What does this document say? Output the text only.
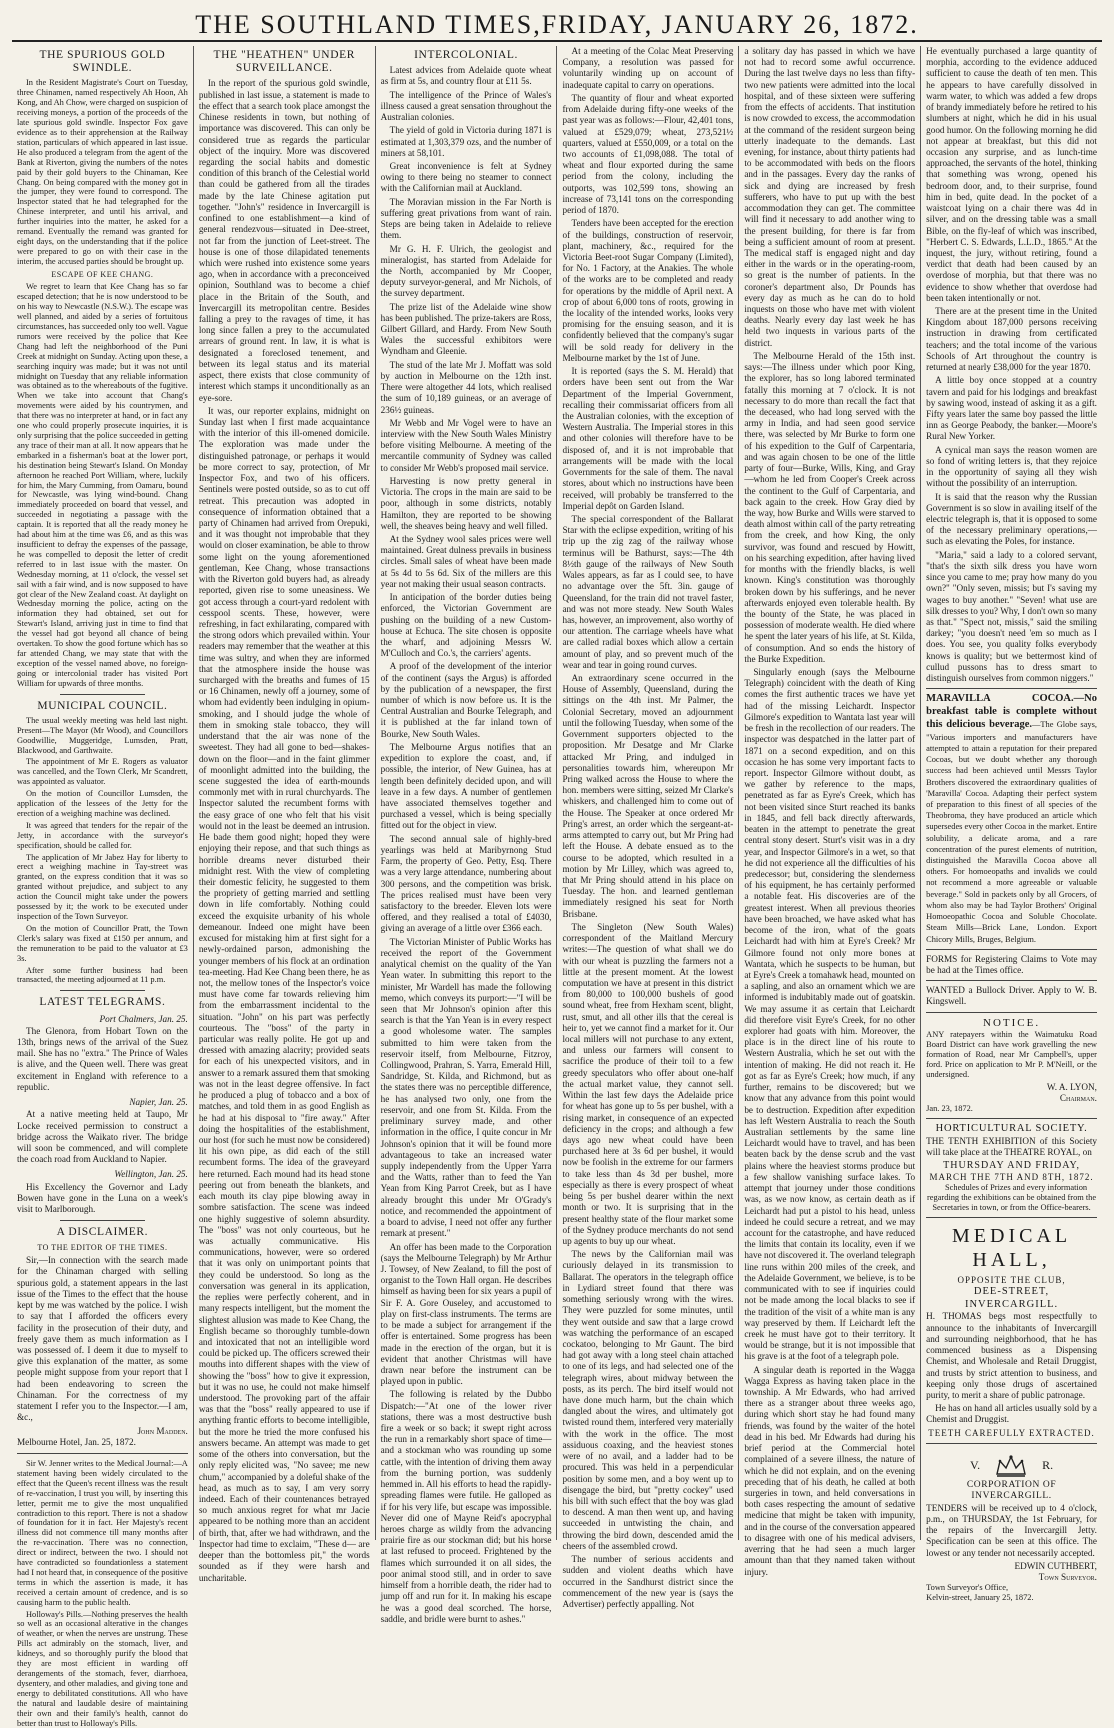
THE SOUTHLAND TIMES, FRIDAY, JANUARY 26, 1872.
THE SPURIOUS GOLD SWINDLE.

In the Resident Magistrate's Court on Tuesday, three Chinamen, named respectively Ah Hoon, Ah Kong, and Ah Chow, were charged on suspicion of receiving moneys, a portion of the proceeds of the late spurious gold swindle. Inspector Fox gave evidence as to their apprehension at the Railway station, particulars of which appeared in last issue. He also produced a telegram from the agent of the Bank at Riverton, giving the numbers of the notes paid by their gold buyers to the Chinaman, Kee Chang. On being compared with the money got in the jumper, they were found to correspond. The Inspector stated that he had telegraphed for the Chinese interpreter, and until his arrival, and further inquiries into the matter, he asked for a remand. Eventually the remand was granted for eight days, on the understanding that if the police were prepared to go on with their case in the interim, the accused parties should be brought up.

ESCAPE OF KEE CHANG.

We regret to learn that Kee Chang has so far escaped detection; that he is now understood to be on his way to Newcastle (N.S.W.). The escape was well planned, and aided by a series of fortuitous circumstances, has succeeded only too well. Vague rumors were received by the police that Kee Chang had left the neighborhood of the Puni Creek at midnight on Sunday. Acting upon these, a searching inquiry was made; but it was not until midnight on Tuesday that any reliable information was obtained as to the whereabouts of the fugitive. When we take into account that Chang's movements were aided by his countrymen, and that there was no interpreter at hand, or in fact any one who could properly prosecute inquiries, it is only surprising that the police succeeded in getting any trace of their man at all. It now appears that he embarked in a fisherman's boat at the lower port, his destination being Stewart's Island. On Monday afternoon he reached Port William, where, luckily for him, the Mary Cumming, from Oamaru, bound for Newcastle, was lying wind-bound. Chang immediately proceeded on board that vessel, and succeeded in negotiating a passage with the captain. It is reported that all the ready money he had about him at the time was £6, and as this was insufficient to defray the expenses of the passage, he was compelled to deposit the letter of credit referred to in last issue with the master. On Wednesday morning, at 11 o'clock, the vessel set sail with a fair wind, and is now supposed to have got clear of the New Zealand coast. At daylight on Wednesday morning the police, acting on the information they had obtained, set out for Stewart's Island, arriving just in time to find that the vessel had got beyond all chance of being overtaken. To show the good fortune which has so far attended Chang, we may state that with the exception of the vessel named above, no foreign-going or intercolonial trader has visited Port William for upwards of three months.

MUNICIPAL COUNCIL.

The usual weekly meeting was held last night. Present—The Mayor (Mr Wood), and Councillors Goodwillie, Muggeridge, Lumsden, Pratt, Blackwood, and Garthwaite.

The appointment of Mr E. Rogers as valuator was cancelled, and the Town Clerk, Mr Scandrett, was appointed as valuator.

On the motion of Councillor Lumsden, the application of the lessees of the Jetty for the erection of a weighing machine was declined.

It was agreed that tenders for the repair of the Jetty, in accordance with the surveyor's specification, should be called for.

The application of Mr Jabez Hay for liberty to erect a weighing machine in Tay-street was granted, on the express condition that it was so granted without prejudice, and subject to any action the Council might take under the powers possessed by it; the work to be executed under inspection of the Town Surveyor.

On the motion of Councillor Pratt, the Town Clerk's salary was fixed at £150 per annum, and the remuneration to be paid to the valuator at £3 3s.

After some further business had been transacted, the meeting adjourned at 11 p.m.

LATEST TELEGRAMS.
Port Chalmers, Jan. 25.

The Glenora, from Hobart Town on the 13th, brings news of the arrival of the Suez mail. She has no "extra." The Prince of Wales is alive, and the Queen well. There was great excitement in England with reference to a republic.

Napier, Jan. 25.

At a native meeting held at Taupo, Mr Locke received permission to construct a bridge across the Waikato river. The bridge will soon be commenced, and will complete the coach road from Auckland to Napier.

Wellington, Jan. 25.

His Excellency the Governor and Lady Bowen have gone in the Luna on a week's visit to Marlborough.

A DISCLAIMER.
TO THE EDITOR OF THE TIMES.

Sir,—In connection with the search made for the Chinaman charged with selling spurious gold, a statement appears in the last issue of the Times to the effect that the house kept by me was watched by the police. I wish to say that I afforded the officers every facility in the prosecution of their duty, and freely gave them as much information as I was possessed of. I deem it due to myself to give this explanation of the matter, as some people might suppose from your report that I had been endeavoring to screen the Chinaman. For the correctness of my statement I refer you to the Inspector.—I am, &c.,

John Madden.

Melbourne Hotel, Jan. 25, 1872.

Sir W. Jenner writes to the Medical Journal:—A statement having been widely circulated to the effect that the Queen's recent illness was the result of re-vaccination, I trust you will, by inserting this letter, permit me to give the most unqualified contradiction to this report. There is not a shadow of foundation for it in fact. Her Majesty's recent illness did not commence till many months after the re-vaccination. There was no connection, direct or indirect, between the two. I should not have contradicted so foundationless a statement had I not heard that, in consequence of the positive terms in which the assertion is made, it has received a certain amount of credence, and is so causing harm to the public health.

Holloway's Pills.—Nothing preserves the health so well as an occasional alterative in the changes of weather, or when the nerves are unstrung. These Pills act admirably on the stomach, liver, and kidneys, and so thoroughly purify the blood that they are most efficient in warding off derangements of the stomach, fever, diarrhoea, dysentery, and other maladies, and giving tone and energy to debilitated constitutions. All who have the natural and laudable desire of maintaining their own and their family's health, cannot do better than trust to Holloway's Pills.

THE "HEATHEN" UNDER SURVEILLANCE.

In the report of the spurious gold swindle, published in last issue, a statement is made to the effect that a search took place amongst the Chinese residents in town, but nothing of importance was discovered. This can only be considered true as regards the particular object of the inquiry. More was discovered regarding the social habits and domestic condition of this branch of the Celestial world than could be gathered from all the tirades made by the late Chinese agitation put together. "John's" residence in Invercargill is confined to one establishment—a kind of general rendezvous—situated in Dee-street, not far from the junction of Leet-street. The house is one of those dilapidated tenements which were rushed into existence some years ago, when in accordance with a preconceived opinion, Southland was to become a chief place in the Britain of the South, and Invercargill its metropolitan centre. Besides falling a prey to the ravages of time, it has long since fallen a prey to the accumulated arrears of ground rent. In law, it is what is designated a foreclosed tenement, and between its legal status and its material aspect, there exists that close community of interest which stamps it unconditionally as an eye-sore.

It was, our reporter explains, midnight on Sunday last when I first made acquaintance with the interior of this ill-omened domicile. The exploration was made under the distinguished patronage, or perhaps it would be more correct to say, protection, of Mr Inspector Fox, and two of his officers. Sentinels were posted outside, so as to cut off retreat. This precaution was adopted in consequence of information obtained that a party of Chinamen had arrived from Orepuki, and it was thought not improbable that they would on closer examination, be able to throw some light on the young aforementioned gentleman, Kee Chang, whose transactions with the Riverton gold buyers had, as already reported, given rise to some uneasiness. We got access through a court-yard redolent with cesspool scents. These, however, were refreshing, in fact exhilarating, compared with the strong odors which prevailed within. Your readers may remember that the weather at this time was sultry, and when they are informed that the atmosphere inside the house was surcharged with the breaths and fumes of 15 or 16 Chinamen, newly off a journey, some of whom had evidently been indulging in opium-smoking, and I should judge the whole of them in smoking stale tobacco, they will understand that the air was none of the sweetest. They had all gone to bed—shakes-down on the floor—and in the faint glimmer of moonlight admitted into the building, the scene suggested the idea of earth-mounds commonly met with in rural churchyards. The Inspector saluted the recumbent forms with the easy grace of one who felt that his visit would not in the least be deemed an intrusion. He bade them good night; hoped they were enjoying their repose, and that such things as horrible dreams never disturbed their midnight rest. With the view of completing their domestic felicity, he suggested to them the propriety of getting married and settling down in life comfortably. Nothing could exceed the exquisite urbanity of his whole demeanour. Indeed one might have been excused for mistaking him at first sight for a newly-ordained parson, admonishing the younger members of his flock at an ordination tea-meeting. Had Kee Chang been there, he as not, the mellow tones of the Inspector's voice must have come far towards relieving him from the embarrassment incidental to the situation. "John" on his part was perfectly courteous. The "boss" of the party in particular was really polite. He got up and dressed with amazing alacrity; provided seats for each of his unexpected visitors, and in answer to a remark assured them that smoking was not in the least degree offensive. In fact he produced a plug of tobacco and a box of matches, and told them in as good English as he had at his disposal to "fire away." After doing the hospitalities of the establishment, our host (for such he must now be considered) lit his own pipe, as did each of the still recumbent forms. The idea of the graveyard here returned. Each mound had its head stone peering out from beneath the blankets, and each mouth its clay pipe blowing away in sombre satisfaction. The scene was indeed one highly suggestive of solemn absurdity. The "boss" was not only courteous, but he was actually communicative. His communications, however, were so ordered that it was only on unimportant points that they could be understood. So long as the conversation was general in its application, the replies were perfectly coherent, and in many respects intelligent, but the moment the slightest allusion was made to Kee Chang, the English became so thoroughly tumble-down and intoxicated that not an intelligible word could be picked up. The officers screwed their mouths into different shapes with the view of showing the "boss" how to give it expression, but it was no use, he could not make himself understood. The provoking part of the affair was that the "boss" really appeared to use if anything frantic efforts to become intelligible, but the more he tried the more confused his answers became. An attempt was made to get some of the others into conversation, but the only reply elicited was, "No savee; me new chum," accompanied by a doleful shake of the head, as much as to say, I am very sorry indeed. Each of their countenances betrayed so much anxious regret for what mr Jacie appeared to be nothing more than an accident of birth, that, after we had withdrawn, and the Inspector had time to exclaim, "These d— are deeper than the bottomless pit," the words sounded as if they were harsh and uncharitable.

INTERCOLONIAL.

Latest advices from Adelaide quote wheat as firm at 5s, and country flour at £11 5s.

The intelligence of the Prince of Wales's illness caused a great sensation throughout the Australian colonies.

The yield of gold in Victoria during 1871 is estimated at 1,303,379 ozs, and the number of miners at 58,101.

Great inconvenience is felt at Sydney owing to there being no steamer to connect with the Californian mail at Auckland.

The Moravian mission in the Far North is suffering great privations from want of rain. Steps are being taken in Adelaide to relieve them.

Mr G. H. F. Ulrich, the geologist and mineralogist, has started from Adelaide for the North, accompanied by Mr Cooper, deputy surveyor-general, and Mr Nichols, of the survey department.

The prize list of the Adelaide wine show has been published. The prize-takers are Ross, Gilbert Gillard, and Hardy. From New South Wales the successful exhibitors were Wyndham and Gleenie.

The stud of the late Mr J. Moffatt was sold by auction in Melbourne on the 12th inst. There were altogether 44 lots, which realised the sum of 10,189 guineas, or an average of 236½ guineas.

Mr Webb and Mr Vogel were to have an interview with the New South Wales Ministry before visiting Melbourne. A meeting of the mercantile community of Sydney was called to consider Mr Webb's proposed mail service.

Harvesting is now pretty general in Victoria. The crops in the main are said to be poor, although in some districts, notably Hamilton, they are reported to be showing well, the sheaves being heavy and well filled.

At the Sydney wool sales prices were well maintained. Great dulness prevails in business circles. Small sales of wheat have been made at 5s 4d to 5s 6d. Six of the millers are this year not making their usual season contracts.

In anticipation of the border duties being enforced, the Victorian Government are pushing on the building of a new Custom-house at Echuca. The site chosen is opposite the wharf, and adjoining Messrs W. M'Culloch and Co.'s, the carriers' agents.

A proof of the development of the interior of the continent (says the Argus) is afforded by the publication of a newspaper, the first number of which is now before us. It is the Central Australian and Bourke Telegraph, and it is published at the far inland town of Bourke, New South Wales.

The Melbourne Argus notifies that an expedition to explore the coast, and, if possible, the interior, of New Guinea, has at length been definitely decided upon, and will leave in a few days. A number of gentlemen have associated themselves together and purchased a vessel, which is being specially fitted out for the object in view.

The second annual sale of highly-bred yearlings was held at Maribyrnong Stud Farm, the property of Geo. Petty, Esq. There was a very large attendance, numbering about 300 persons, and the competition was brisk. The prices realised must have been very satisfactory to the breeder. Eleven lots were offered, and they realised a total of £4030, giving an average of a little over £366 each.

The Victorian Minister of Public Works has received the report of the Government analytical chemist on the quality of the Yan Yean water. In submitting this report to the minister, Mr Wardell has made the following memo, which conveys its purport:—"I will be seen that Mr Johnson's opinion after this search is that the Yan Yean is in every respect a good wholesome water. The samples submitted to him were taken from the reservoir itself, from Melbourne, Fitzroy, Collingwood, Prahran, S. Yarra, Emerald Hill, Sandridge, St. Kilda, and Richmond, but as the states there was no perceptible difference, he has analysed two only, one from the reservoir, and one from St. Kilda. From the preliminary survey made, and other information in the office, I quite concur in Mr Johnson's opinion that it will be found more advantageous to take an increased water supply independently from the Upper Yarra and the Watts, rather than to feed the Yan Yean from King Parrot Creek, but as I have already brought this under Mr O'Grady's notice, and recommended the appointment of a board to advise, I need not offer any further remark at present."

An offer has been made to the Corporation (says the Melbourne Telegraph) by Mr Arthur J. Towsey, of New Zealand, to fill the post of organist to the Town Hall organ. He describes himself as having been for six years a pupil of Sir F. A. Gore Ouseley, and accustomed to play on first-class instruments. The terms are to be made a subject for arrangement if the offer is entertained. Some progress has been made in the erection of the organ, but it is evident that another Christmas will have drawn near before the instrument can be played upon in public.

The following is related by the Dubbo Dispatch:—"At one of the lower river stations, there was a most destructive bush fire a week or so back; it swept right across the run in a remarkably short space of time—and a stockman who was rounding up some cattle, with the intention of driving them away from the burning portion, was suddenly hemmed in. All his efforts to head the rapidly-spreading flames were futile. He galloped as if for his very life, but escape was impossible. Never did one of Mayne Reid's apocryphal heroes charge as wildly from the advancing prairie fire as our stockman did; but his horse at last refused to proceed. Frightened by the flames which surrounded it on all sides, the poor animal stood still, and in order to save himself from a horrible death, the rider had to jump off and run for it. In making his escape he was a good deal scorched. The horse, saddle, and bridle were burnt to ashes."

At a meeting of the Colac Meat Preserving Company, a resolution was passed for voluntarily winding up on account of inadequate capital to carry on operations.

The quantity of flour and wheat exported from Adelaide during fifty-one weeks of the past year was as follows:—Flour, 42,401 tons, valued at £529,079; wheat, 273,521½ quarters, valued at £550,009, or a total on the two accounts of £1,098,088. The total of wheat and flour exported during the same period from the colony, including the outports, was 102,599 tons, showing an increase of 73,141 tons on the corresponding period of 1870.

Tenders have been accepted for the erection of the buildings, construction of reservoir, plant, machinery, &c., required for the Victoria Beet-root Sugar Company (Limited), for No. 1 Factory, at the Anakies. The whole of the works are to be completed and ready for operations by the middle of April next. A crop of about 6,000 tons of roots, growing in the locality of the intended works, looks very promising for the ensuing season, and it is confidently believed that the company's sugar will be sold ready for delivery in the Melbourne market by the 1st of June.

It is reported (says the S. M. Herald) that orders have been sent out from the War Department of the Imperial Government, recalling their commissariat officers from all the Australian colonies, with the exception of Western Australia. The Imperial stores in this and other colonies will therefore have to be disposed of, and it is not improbable that arrangements will be made with the local Governments for the sale of them. The naval stores, about which no instructions have been received, will probably be transferred to the Imperial depôt on Garden Island.

The special correspondent of the Ballarat Star with the eclipse expedition, writing of his trip up the zig zag of the railway whose terminus will be Bathurst, says:—The 4th 8½th gauge of the railways of New South Wales appears, as far as I could see, to have no advantage over the 5ft. 3in. gauge of Queensland, for the train did not travel faster, and was not more steady. New South Wales has, however, an improvement, also worthy of our attention. The carriage wheels have what are called radial boxes which allow a certain amount of play, and so prevent much of the wear and tear in going round curves.

An extraordinary scene occurred in the House of Assembly, Queensland, during the sittings on the 4th inst. Mr Palmer, the Colonial Secretary, moved an adjournment until the following Tuesday, when some of the Government supporters objected to the proposition. Mr Desatge and Mr Clarke attacked Mr Pring, and indulged in personalities towards him, whereupon Mr Pring walked across the House to where the hon. members were sitting, seized Mr Clarke's whiskers, and challenged him to come out of the House. The Speaker at once ordered Mr Pring's arrest, an order which the sergeant-at-arms attempted to carry out, but Mr Pring had left the House. A debate ensued as to the course to be adopted, which resulted in a motion by Mr Lilley, which was agreed to, that Mr Pring should attend in his place on Tuesday. The hon. and learned gentleman immediately resigned his seat for North Brisbane.

The Singleton (New South Wales) correspondent of the Maitland Mercury writes:—The question of what shall we do with our wheat is puzzling the farmers not a little at the present moment. At the lowest computation we have at present in this district from 80,000 to 100,000 bushels of good sound wheat, free from Hexham scent, blight, rust, smut, and all other ills that the cereal is heir to, yet we cannot find a market for it. Our local millers will not purchase to any extent, and unless our farmers will consent to sacrifice the produce of their toil to a few greedy speculators who offer about one-half the actual market value, they cannot sell. Within the last few days the Adelaide price for wheat has gone up to 5s per bushel, with a rising market, in consequence of an expected deficiency in the crops; and although a few days ago new wheat could have been purchased here at 3s 6d per bushel, it would now be foolish in the extreme for our farmers to take less than 4s 3d per bushel, more especially as there is every prospect of wheat being 5s per bushel dearer within the next month or two. It is surprising that in the present healthy state of the flour market some of the Sydney produce merchants do not send up agents to buy up our wheat.

The news by the Californian mail was curiously delayed in its transmission to Ballarat. The operators in the telegraph office in Lydiard street found that there was something seriously wrong with the wires. They were puzzled for some minutes, until they went outside and saw that a large crowd was watching the performance of an escaped cockatoo, belonging to Mr Gaunt. The bird had got away with a long steel chain attached to one of its legs, and had selected one of the telegraph wires, about midway between the posts, as its perch. The bird itself would not have done much harm, but the chain which dangled about the wires, and ultimately got twisted round them, interfered very materially with the work in the office. The most assiduous coaxing, and the heaviest stones were of no avail, and a ladder had to be procured. This was held in a perpendicular position by some men, and a boy went up to disengage the bird, but "pretty cockey" used his bill with such effect that the boy was glad to descend. A man then went up, and having succeeded in untwisting the chain, and throwing the bird down, descended amid the cheers of the assembled crowd.

The number of serious accidents and sudden and violent deaths which have occurred in the Sandhurst district since the commencement of the new year is (says the Advertiser) perfectly appalling. Not

a solitary day has passed in which we have not had to record some awful occurrence. During the last twelve days no less than fifty-two new patients were admitted into the local hospital, and of these sixteen were suffering from the effects of accidents. That institution is now crowded to excess, the accommodation at the command of the resident surgeon being utterly inadequate to the demands. Last evening, for instance, about thirty patients had to be accommodated with beds on the floors and in the passages. Every day the ranks of sick and dying are increased by fresh sufferers, who have to put up with the best accommodation they can get. The committee will find it necessary to add another wing to the present building, for there is far from being a sufficient amount of room at present. The medical staff is engaged night and day either in the wards or in the operating-room, so great is the number of patients. In the coroner's department also, Dr Pounds has every day as much as he can do to hold inquests on those who have met with violent deaths. Nearly every day last week he has held two inquests in various parts of the district.

The Melbourne Herald of the 15th inst. says:—The illness under which poor King, the explorer, has so long labored terminated fatally this morning at 7 o'clock. It is not necessary to do more than recall the fact that the deceased, who had long served with the army in India, and had seen good service there, was selected by Mr Burke to form one of his expedition to the Gulf of Carpentaria, and was again chosen to be one of the little party of four—Burke, Wills, King, and Gray—whom he led from Cooper's Creek across the continent to the Gulf of Carpentaria, and back again to the creek. How Gray died by the way, how Burke and Wills were starved to death almost within call of the party retreating from the creek, and how King, the only survivor, was found and rescued by Howitt, on his searching expedition, after having lived for months with the friendly blacks, is well known. King's constitution was thoroughly broken down by his sufferings, and he never afterwards enjoyed even tolerable health. By the bounty of the State, he was placed in possession of moderate wealth. He died where he spent the later years of his life, at St. Kilda, of consumption. And so ends the history of the Burke Expedition.

Singularly enough (says the Melbourne Telegraph) coincident with the death of King comes the first authentic traces we have yet had of the missing Leichardt. Inspector Gilmore's expedition to Wantata last year will be fresh in the recollection of our readers. The inspector was despatched in the latter part of 1871 on a second expedition, and on this occasion he has some very important facts to report. Inspector Gilmore without doubt, as we gather by reference to the maps, penetrated as far as Eyre's Creek, which has not been visited since Sturt reached its banks in 1845, and fell back directly afterwards, beaten in the attempt to penetrate the great central stony desert. Sturt's visit was in a dry year, and Inspector Gilmore's in a wet, so that he did not experience all the difficulties of his predecessor; but, considering the slenderness of his equipment, he has certainly performed a notable feat. His discoveries are of the greatest interest. When all previous theories have been broached, we have asked what has become of the iron, what of the goats Leichardt had with him at Eyre's Creek? Mr Gilmore found not only more bones at Wantata, which he suspects to be human, but at Eyre's Creek a tomahawk head, mounted on a sapling, and also an ornament which we are informed is indubitably made out of goatskin. We may assume it as certain that Leichardt did therefore visit Eyre's Creek, for no other explorer had goats with him. Moreover, the place is in the direct line of his route to Western Australia, which he set out with the intention of making. He did not reach it. He got as far as Eyre's Creek; how much, if any further, remains to be discovered; but we know that any advance from this point would be to destruction. Expedition after expedition has left Western Australia to reach the South Australian settlements by the same line Leichardt would have to travel, and has been beaten back by the dense scrub and the vast plains where the heaviest storms produce but a few shallow vanishing surface lakes. To attempt that journey under those conditions was, as we now know, as certain death as if Leichardt had put a pistol to his head, unless indeed he could secure a retreat, and we may account for the catastrophe, and have reduced the limits that contain its locality, even if we have not discovered it. The overland telegraph line runs within 200 miles of the creek, and the Adelaide Government, we believe, is to be communicated with to see if inquiries could not be made among the local blacks to see if the tradition of the visit of a white man is any way preserved by them. If Leichardt left the creek he must have got to their territory. It would be strange, but it is not impossible that his grave is at the foot of a telegraph pole.

A singular death is reported in the Wagga Wagga Express as having taken place in the township. A Mr Edwards, who had arrived there as a stranger about three weeks ago, during which short stay he had found many friends, was found by the waiter of the hotel dead in his bed. Mr Edwards had during his brief period at the Commercial hotel complained of a severe illness, the nature of which he did not explain, and on the evening preceding that of his death, he called at both surgeries in town, and held conversations in both cases respecting the amount of sedative medicine that might be taken with impunity, and in the course of the conversation appeared to disagree with one of his medical advisers, averring that he had seen a much larger amount than that they named taken without injury.

He eventually purchased a large quantity of morphia, according to the evidence adduced sufficient to cause the death of ten men. This he appears to have carefully dissolved in warm water, to which was added a few drops of brandy immediately before he retired to his slumbers at night, which he did in his usual good humor. On the following morning he did not appear at breakfast, but this did not occasion any surprise, and as lunch-time approached, the servants of the hotel, thinking that something was wrong, opened his bedroom door, and, to their surprise, found him in bed, quite dead. In the pocket of a waistcoat lying on a chair there was 4d in silver, and on the dressing table was a small Bible, on the fly-leaf of which was inscribed, "Herbert C. S. Edwards, L.L.D., 1865." At the inquest, the jury, without retiring, found a verdict that death had been caused by an overdose of morphia, but that there was no evidence to show whether that overdose had been taken intentionally or not.

There are at the present time in the United Kingdom about 187,000 persons receiving instruction in drawing from certificated teachers; and the total income of the various Schools of Art throughout the country is returned at nearly £38,000 for the year 1870.

A little boy once stopped at a country tavern and paid for his lodgings and breakfast by sawing wood, instead of asking it as a gift. Fifty years later the same boy passed the little inn as George Peabody, the banker.—Moore's Rural New Yorker.

A cynical man says the reason women are so fond of writing letters is, that they rejoice in the opportunity of saying all they wish without the possibility of an interruption.

It is said that the reason why the Russian Government is so slow in availing itself of the electric telegraph is, that it is opposed to some of the necessary preliminary operations,—such as elevating the Poles, for instance.

"Maria," said a lady to a colored servant, "that's the sixth silk dress you have worn since you came to me; pray how many do you own?" "Only seven, missis; but I's saving my wages to buy another." "Seven! what use are silk dresses to you? Why, I don't own so many as that." "Spect not, missis," said the smiling darkey; "you doesn't need 'em so much as I does. You see, you quality folks everybody knows is quality; but we bettermost kind of cullud pussons has to dress smart to distinguish ourselves from common niggers."

MARAVILLA COCOA.—No breakfast table is complete without this delicious beverage.—The Globe says, "Various importers and manufacturers have attempted to attain a reputation for their prepared Cocoas, but we doubt whether any thorough success had been achieved until Messrs Taylor Brothers discovered the extraordinary qualities of 'Maravilla' Cocoa. Adapting their perfect system of preparation to this finest of all species of the Theobroma, they have produced an article which supersedes every other Cocoa in the market. Entire solubility, a delicate aroma, and a rare concentration of the purest elements of nutrition, distinguished the Maravilla Cocoa above all others. For homoeopaths and invalids we could not recommend a more agreeable or valuable beverage." Sold in packets only by all Grocers, of whom also may be had Taylor Brothers' Original Homoeopathic Cocoa and Soluble Chocolate. Steam Mills—Brick Lane, London. Export Chicory Mills, Bruges, Belgium.

FORMS for Registering Claims to Vote may be had at the Times office.

WANTED a Bullock Driver. Apply to W. B. Kingswell.

NOTICE.

ANY ratepayers within the Waimatuku Road Board District can have work gravelling the new formation of Road, near Mr Campbell's, upper ford. Price on application to Mr P. M'Neill, or the undersigned.

W. A. LYON,
Chairman.
Jan. 23, 1872.
HORTICULTURAL SOCIETY.

THE TENTH EXHIBITION of this Society will take place at the THEATRE ROYAL, on

THURSDAY AND FRIDAY,
MARCH THE 7TH AND 8TH, 1872.

Schedules of Prizes and every information regarding the exhibitions can be obtained from the Secretaries in town, or from the Office-bearers.

MEDICAL HALL,
OPPOSITE THE CLUB,
DEE-STREET, INVERCARGILL.

H. THOMAS begs most respectfully to announce to the inhabitants of Invercargill and surrounding neighborhood, that he has commenced business as a Dispensing Chemist, and Wholesale and Retail Druggist, and trusts by strict attention to business, and keeping only those drugs of ascertained purity, to merit a share of public patronage.

He has on hand all articles usually sold by a Chemist and Druggist.

TEETH CAREFULLY EXTRACTED.
V.	R.
CORPORATION OF INVERCARGILL.

TENDERS will be received up to 4 o'clock, p.m., on THURSDAY, the 1st February, for the repairs of the Invercargill Jetty. Specification can be seen at this office. The lowest or any tender not necessarily accepted.

EDWIN CUTHBERT,
Town Surveyor.
Town Surveyor's Office,
Kelvin-street, January 25, 1872.
